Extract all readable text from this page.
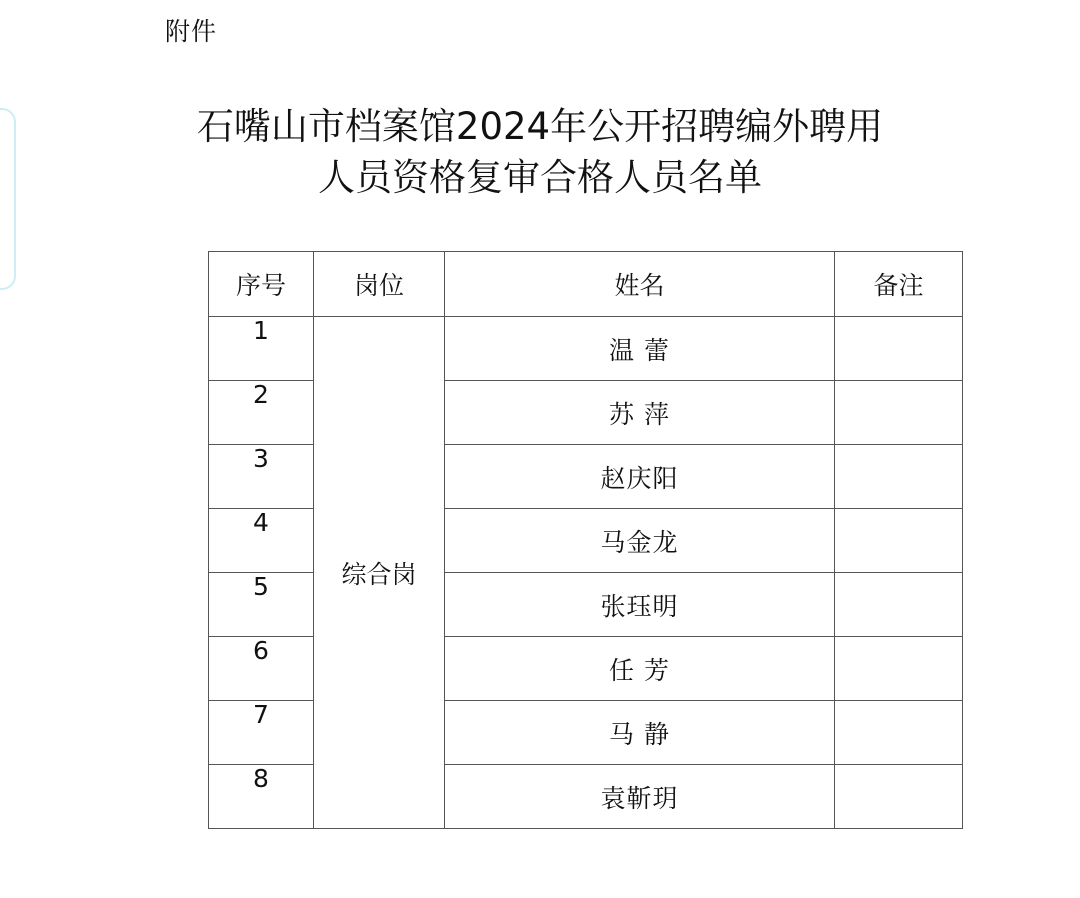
附件
石嘴山市档案馆2024年公开招聘编外聘用
人员资格复审合格人员名单
序号	岗位	姓名	备注
1	综合岗	温 蕾	
2		苏 萍	
3		赵庆阳	
4		马金龙	
5		张珏明	
6		任 芳	
7		马 静	
8		袁靳玥	
